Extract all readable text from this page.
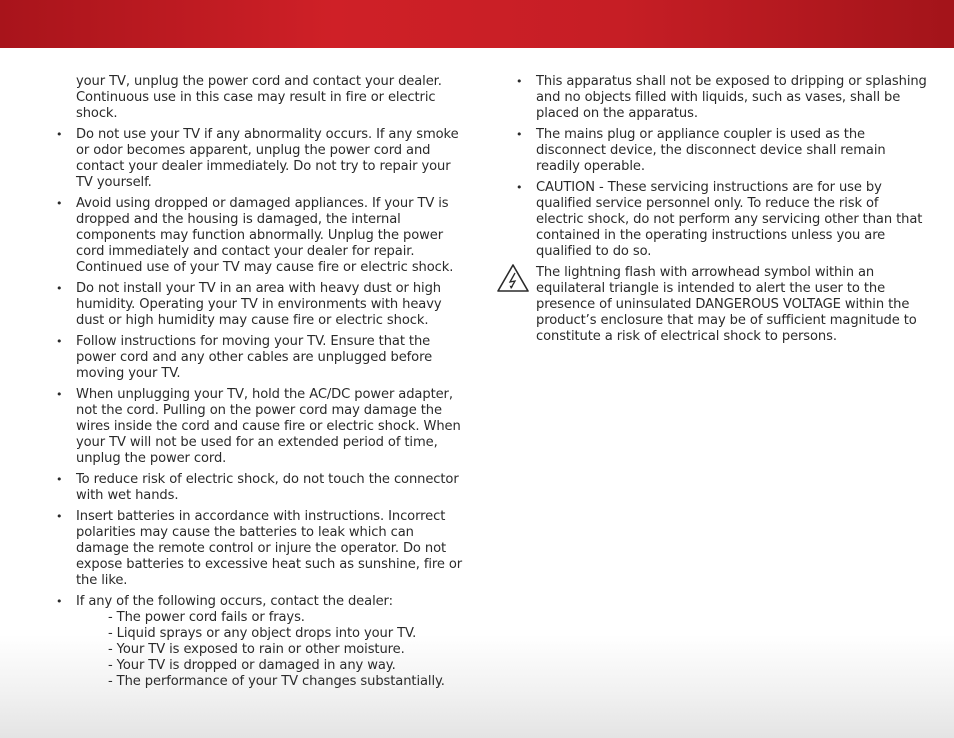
your TV, unplug the power cord and contact your dealer. Continuous use in this case may result in fire or electric shock.

• Do not use your TV if any abnormality occurs. If any smoke or odor becomes apparent, unplug the power cord and contact your dealer immediately. Do not try to repair your TV yourself.
• Avoid using dropped or damaged appliances. If your TV is dropped and the housing is damaged, the internal components may function abnormally. Unplug the power cord immediately and contact your dealer for repair. Continued use of your TV may cause fire or electric shock.
• Do not install your TV in an area with heavy dust or high humidity. Operating your TV in environments with heavy dust or high humidity may cause fire or electric shock.
• Follow instructions for moving your TV. Ensure that the power cord and any other cables are unplugged before moving your TV.
• When unplugging your TV, hold the AC/DC power adapter, not the cord. Pulling on the power cord may damage the wires inside the cord and cause fire or electric shock. When your TV will not be used for an extended period of time, unplug the power cord.
• To reduce risk of electric shock, do not touch the connector with wet hands.
• Insert batteries in accordance with instructions. Incorrect polarities may cause the batteries to leak which can damage the remote control or injure the operator. Do not expose batteries to excessive heat such as sunshine, fire or the like.
• If any of the following occurs, contact the dealer:
- The power cord fails or frays.
- Liquid sprays or any object drops into your TV.
- Your TV is exposed to rain or other moisture.
- Your TV is dropped or damaged in any way.
- The performance of your TV changes substantially.
• This apparatus shall not be exposed to dripping or splashing and no objects filled with liquids, such as vases, shall be placed on the apparatus.
• The mains plug or appliance coupler is used as the disconnect device, the disconnect device shall remain readily operable.
• CAUTION - These servicing instructions are for use by qualified service personnel only. To reduce the risk of electric shock, do not perform any servicing other than that contained in the operating instructions unless you are qualified to do so.
The lightning flash with arrowhead symbol within an equilateral triangle is intended to alert the user to the presence of uninsulated DANGEROUS VOLTAGE within the product’s enclosure that may be of sufficient magnitude to constitute a risk of electrical shock to persons.
